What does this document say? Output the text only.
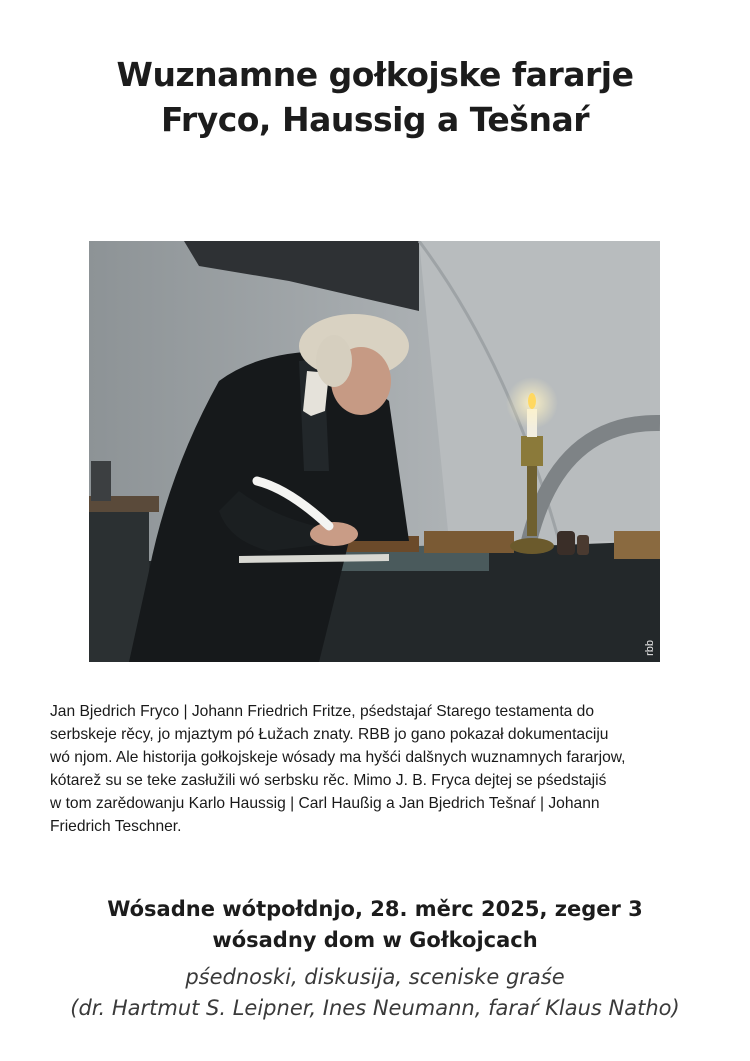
Wuznamne gołkojske fararje
Fryco, Haussig a Tešnaŕ
rbb
Jan Bjedrich Fryco | Johann Friedrich Fritze, pśedstajaŕ Starego testamenta do
serbskeje rěcy, jo mjaztym pó Łužach znaty. RBB jo gano pokazał dokumentaciju
wó njom. Ale historija gołkojskeje wósady ma hyšći dalšnych wuznamnych fararjow,
kótarež su se teke zasłužili wó serbsku rěc. Mimo J. B. Fryca dejtej se pśedstajiś
w tom zarědowanju Karlo Haussig | Carl Haußig a Jan Bjedrich Tešnaŕ | Johann
Friedrich Teschner.
Wósadne wótpołdnjo, 28. měrc 2025, zeger 3
wósadny dom w Gołkojcach
pśednoski, diskusija, sceniske graśe
(dr. Hartmut S. Leipner, Ines Neumann, faraŕ Klaus Natho)
